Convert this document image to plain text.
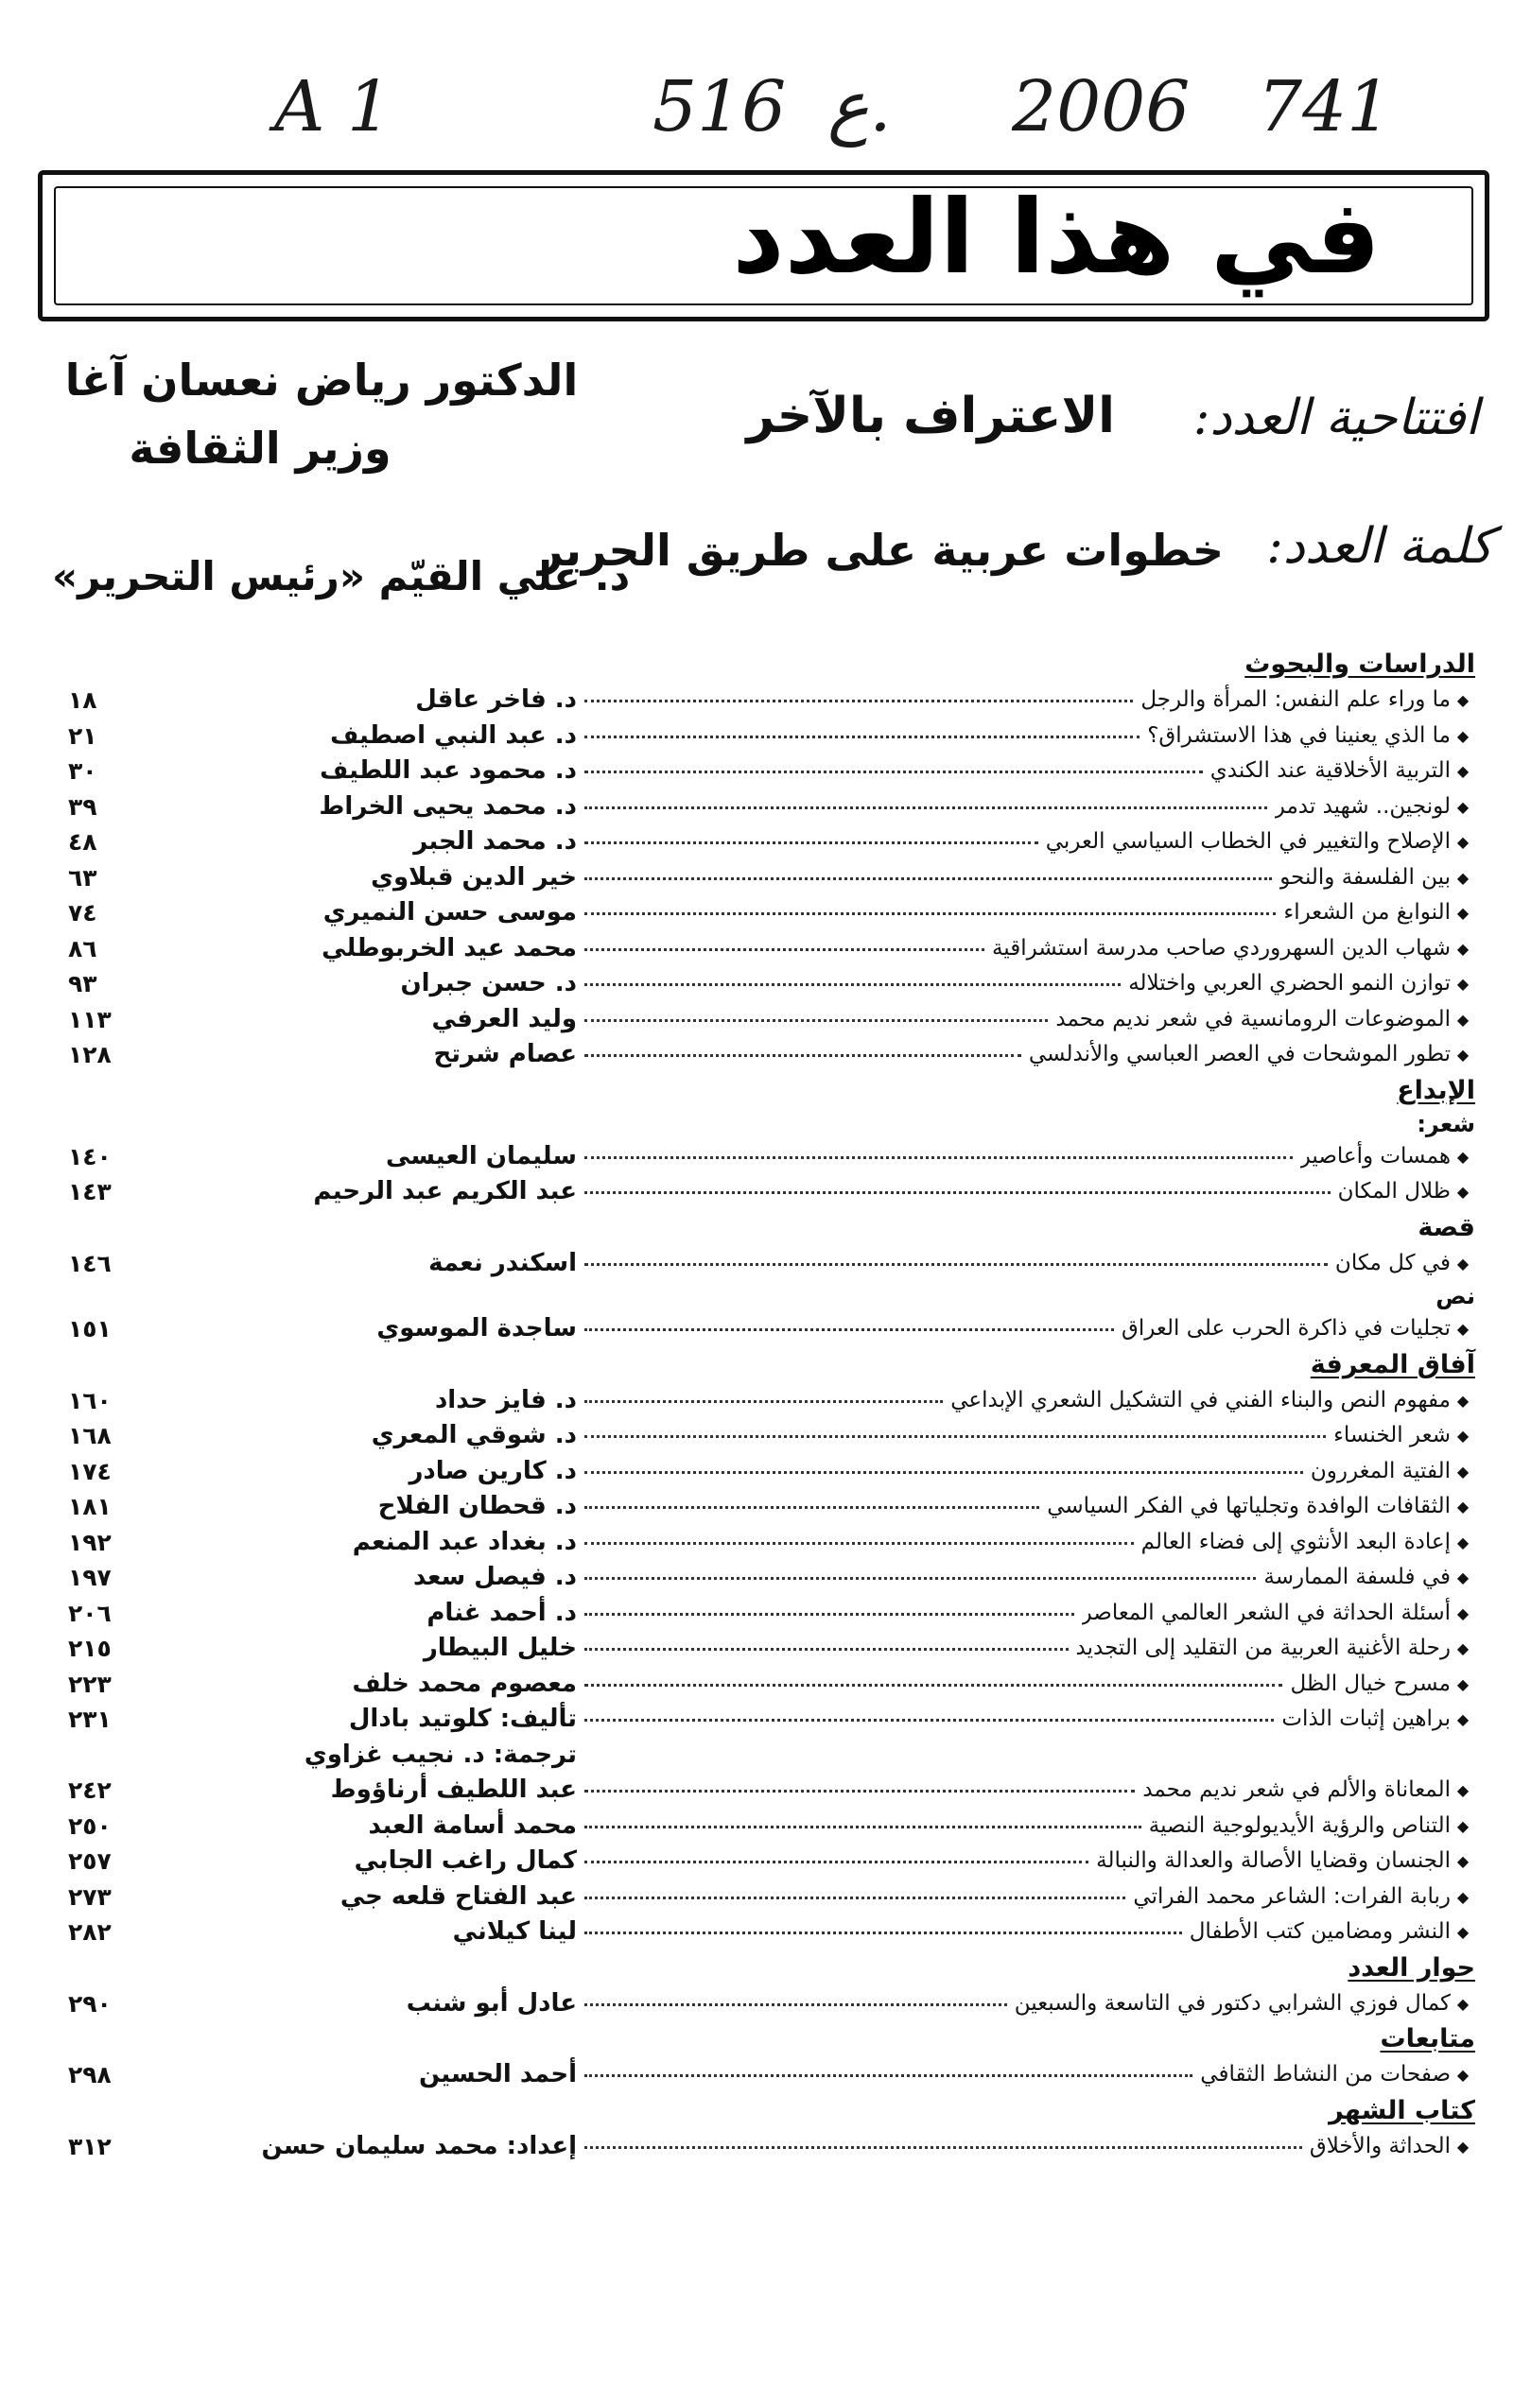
A 1	516 ع. 2006 741
في هذا العدد
افتتاحية العدد:
الاعتراف بالآخر
الدكتور رياض نعسان آغا
وزير الثقافة
كلمة العدد:
خطوات عربية على طريق الحرير
د. علي القيّم «رئيس التحرير»
الدراسات والبحوث
◆
ما وراء علم النفس: المرأة والرجل
د. فاخر عاقل
١٨
◆
ما الذي يعنينا في هذا الاستشراق؟
د. عبد النبي اصطيف
٢١
◆
التربية الأخلاقية عند الكندي
د. محمود عبد اللطيف
٣٠
◆
لونجين.. شهيد تدمر
د. محمد يحيى الخراط
٣٩
◆
الإصلاح والتغيير في الخطاب السياسي العربي
د. محمد الجبر
٤٨
◆
بين الفلسفة والنحو
خير الدين قبلاوي
٦٣
◆
النوابغ من الشعراء
موسى حسن النميري
٧٤
◆
شهاب الدين السهروردي صاحب مدرسة استشراقية
محمد عيد الخربوطلي
٨٦
◆
توازن النمو الحضري العربي واختلاله
د. حسن جبران
٩٣
◆
الموضوعات الرومانسية في شعر نديم محمد
وليد العرفي
١١٣
◆
تطور الموشحات في العصر العباسي والأندلسي
عصام شرتح
١٢٨
الإبداع
شعر:
◆
همسات وأعاصير
سليمان العيسى
١٤٠
◆
ظلال المكان
عبد الكريم عبد الرحيم
١٤٣
قصة
◆
في كل مكان
اسكندر نعمة
١٤٦
نص
◆
تجليات في ذاكرة الحرب على العراق
ساجدة الموسوي
١٥١
آفاق المعرفة
◆
مفهوم النص والبناء الفني في التشكيل الشعري الإبداعي
د. فايز حداد
١٦٠
◆
شعر الخنساء
د. شوقي المعري
١٦٨
◆
الفتية المغررون
د. كارين صادر
١٧٤
◆
الثقافات الوافدة وتجلياتها في الفكر السياسي
د. قحطان الفلاح
١٨١
◆
إعادة البعد الأنثوي إلى فضاء العالم
د. بغداد عبد المنعم
١٩٢
◆
في فلسفة الممارسة
د. فيصل سعد
١٩٧
◆
أسئلة الحداثة في الشعر العالمي المعاصر
د. أحمد غنام
٢٠٦
◆
رحلة الأغنية العربية من التقليد إلى التجديد
خليل البيطار
٢١٥
◆
مسرح خيال الظل
معصوم محمد خلف
٢٢٣
◆
براهين إثبات الذات
تأليف: كلوتيد بادال
٢٣١
ترجمة: د. نجيب غزاوي
◆
المعاناة والألم في شعر نديم محمد
عبد اللطيف أرناؤوط
٢٤٢
◆
التناص والرؤية الأيديولوجية النصية
محمد أسامة العبد
٢٥٠
◆
الجنسان وقضايا الأصالة والعدالة والنبالة
كمال راغب الجابي
٢٥٧
◆
ربابة الفرات: الشاعر محمد الفراتي
عبد الفتاح قلعه جي
٢٧٣
◆
النشر ومضامين كتب الأطفال
لينا كيلاني
٢٨٢
حوار العدد
◆
كمال فوزي الشرابي دكتور في التاسعة والسبعين
عادل أبو شنب
٢٩٠
متابعات
◆
صفحات من النشاط الثقافي
أحمد الحسين
٢٩٨
كتاب الشهر
◆
الحداثة والأخلاق
إعداد: محمد سليمان حسن
٣١٢
